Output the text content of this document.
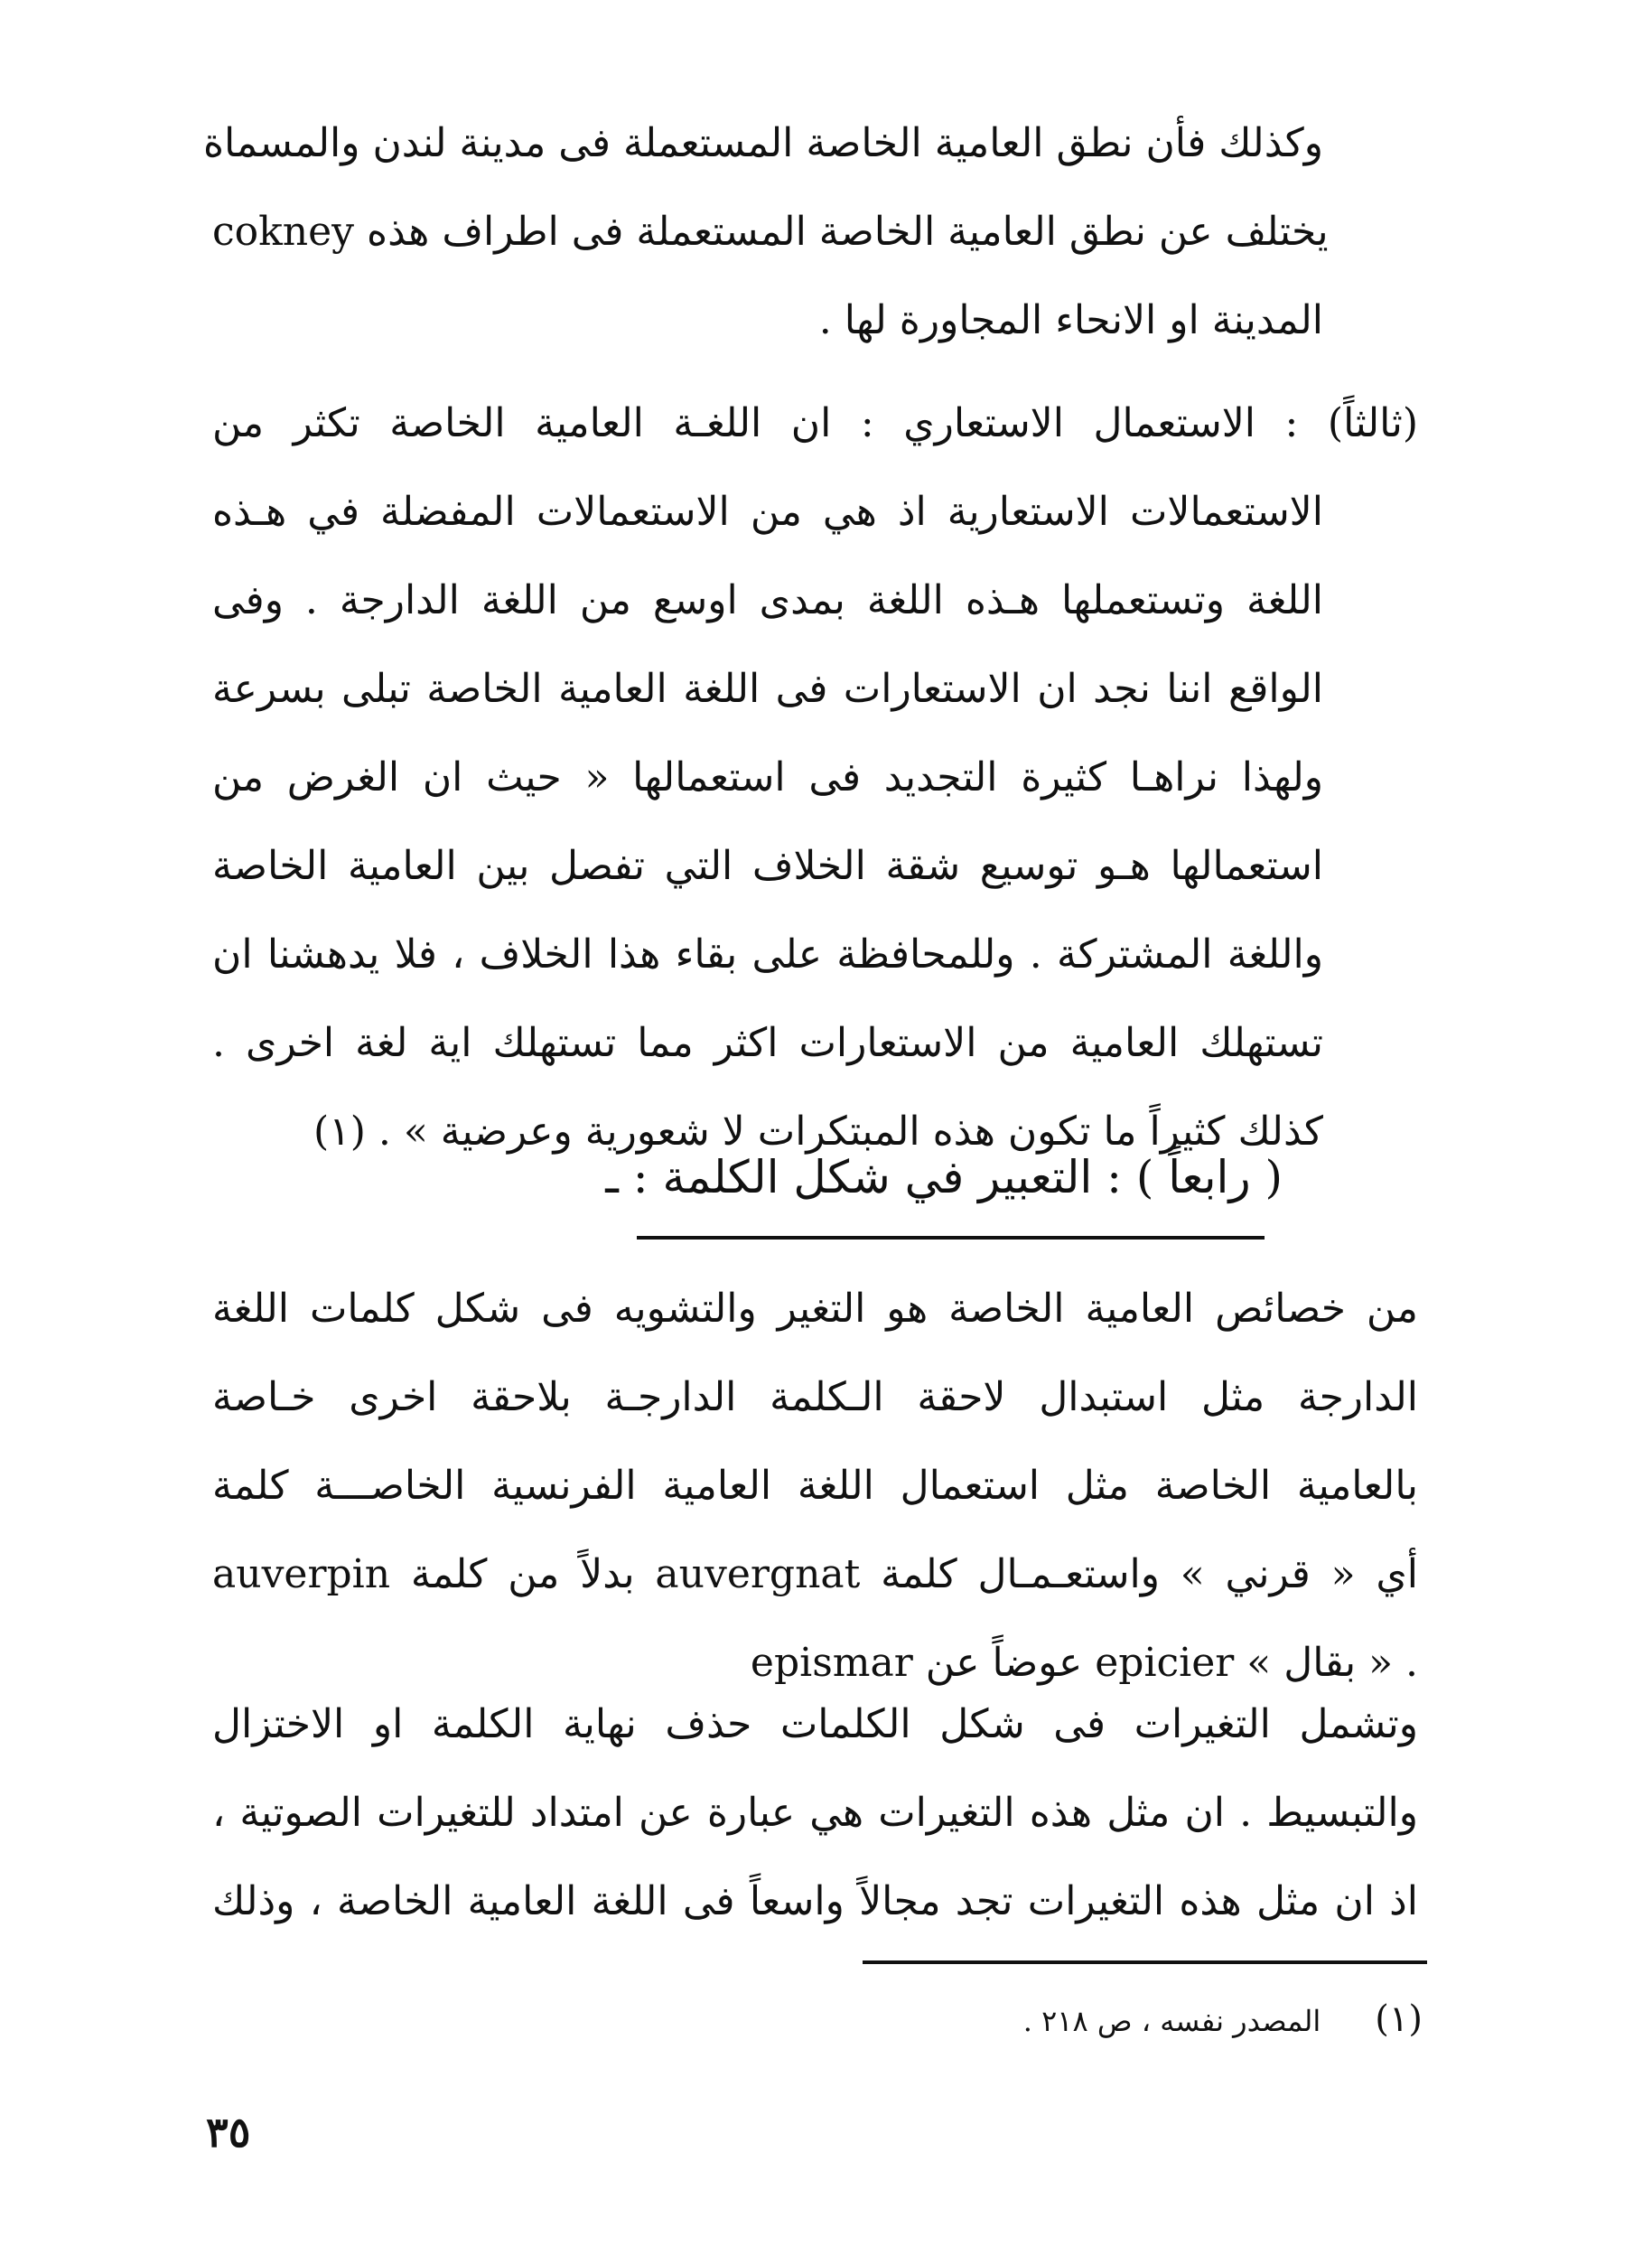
وكذلك فأن نطق العامية الخاصة المستعملة فى مدينة لندن والمسماة
cokney يختلف عن نطق العامية الخاصة المستعملة فى اطراف هذه
المدينة او الانحاء المجاورة لها .
(ثالثاً) : الاستعمال الاستعاري : ان اللغـة العامية الخاصة تكثر من
الاستعمالات الاستعارية اذ هي من الاستعمالات المفضلة في هـذه
اللغة وتستعملها هـذه اللغة بمدى اوسع من اللغة الدارجة . وفى
الواقع اننا نجد ان الاستعارات فى اللغة العامية الخاصة تبلى بسرعة
ولهذا نراهـا كثيرة التجديد فى استعمالها « حيث ان الغرض من
استعمالها هـو توسيع شقة الخلاف التي تفصل بين العامية الخاصة
واللغة المشتركة . وللمحافظة على بقاء هذا الخلاف ، فلا يدهشنا ان
تستهلك العامية من الاستعارات اكثر مما تستهلك اية لغة اخرى .
كذلك كثيراً ما تكون هذه المبتكرات لا شعورية وعرضية » . (١)
( رابعاً ) : التعبير في شكل الكلمة : ـ
من خصائص العامية الخاصة هو التغير والتشويه فى شكل كلمات اللغة
الدارجة مثل استبدال لاحقة الـكلمة الدارجـة بلاحقة اخرى خـاصة
بالعامية الخاصة مثل استعمال اللغة العامية الفرنسية الخاصـــة كلمة
auverpin بدلاً من كلمة auvergnat أي « قرني » واستعـمـال كلمة
epismar عوضاً عن epicier « بقال » .
وتشمل التغيرات فى شكل الكلمات حذف نهاية الكلمة او الاختزال
والتبسيط . ان مثل هذه التغيرات هي عبارة عن امتداد للتغيرات الصوتية ،
اذ ان مثل هذه التغيرات تجد مجالاً واسعاً فى اللغة العامية الخاصة ، وذلك
(١)المصدر نفسه ، ص ٢١٨ .
٣٥
